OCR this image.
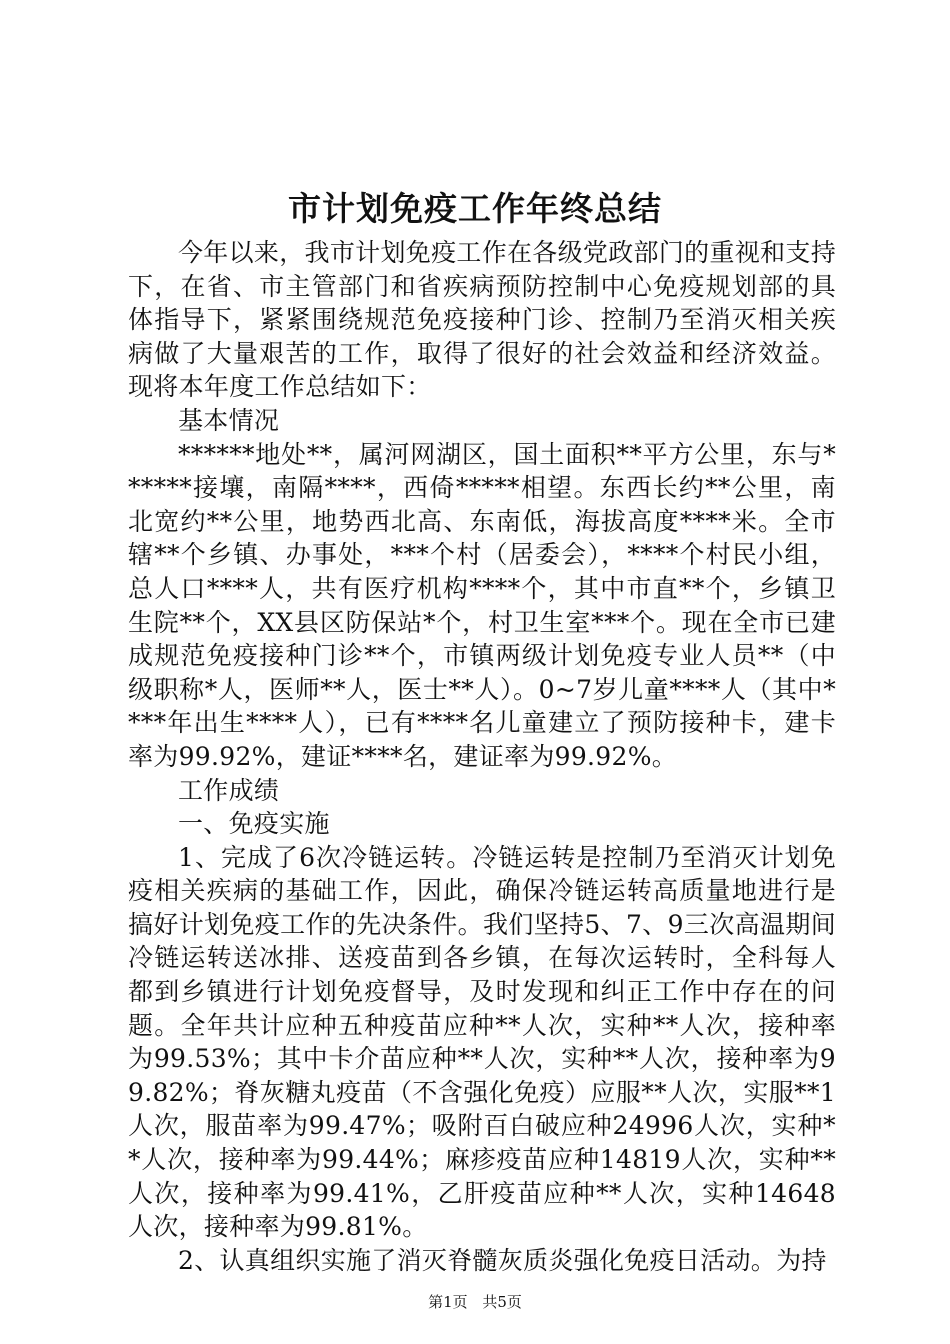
市计划免疫工作年终总结

今年以来，我市计划免疫工作在各级党政部门的重视和支持下，在省、市主管部门和省疾病预防控制中心免疫规划部的具体指导下，紧紧围绕规范免疫接种门诊、控制乃至消灭相关疾病做了大量艰苦的工作，取得了很好的社会效益和经济效益。现将本年度工作总结如下：

基本情况

******地处**，属河网湖区，国土面积**平方公里，东与******接壤，南隔****，西倚*****相望。东西长约**公里，南北宽约**公里，地势西北高、东南低，海拔高度****米。全市辖**个乡镇、办事处，***个村（居委会），****个村民小组，总人口****人，共有医疗机构****个，其中市直**个，乡镇卫生院**个，XX县区防保站*个，村卫生室***个。现在全市已建成规范免疫接种门诊**个，市镇两级计划免疫专业人员**（中级职称*人，医师**人，医士**人）。0~7岁儿童****人（其中****年出生****人），已有****名儿童建立了预防接种卡，建卡率为99.92%，建证****名，建证率为99.92%。

工作成绩

一、免疫实施

1、完成了6次冷链运转。冷链运转是控制乃至消灭计划免疫相关疾病的基础工作，因此，确保冷链运转高质量地进行是搞好计划免疫工作的先决条件。我们坚持5、7、9三次高温期间冷链运转送冰排、送疫苗到各乡镇，在每次运转时，全科每人都到乡镇进行计划免疫督导，及时发现和纠正工作中存在的问题。全年共计应种五种疫苗应种**人次，实种**人次，接种率为99.53%；其中卡介苗应种**人次，实种**人次，接种率为99.82%；脊灰糖丸疫苗（不含强化免疫）应服**人次，实服**1人次，服苗率为99.47%；吸附百白破应种24996人次，实种**人次，接种率为99.44%；麻疹疫苗应种14819人次，实种**人次，接种率为99.41%，乙肝疫苗应种**人次，实种14648人次，接种率为99.81%。

2、认真组织实施了消灭脊髓灰质炎强化免疫日活动。为持

第1页 共5页
